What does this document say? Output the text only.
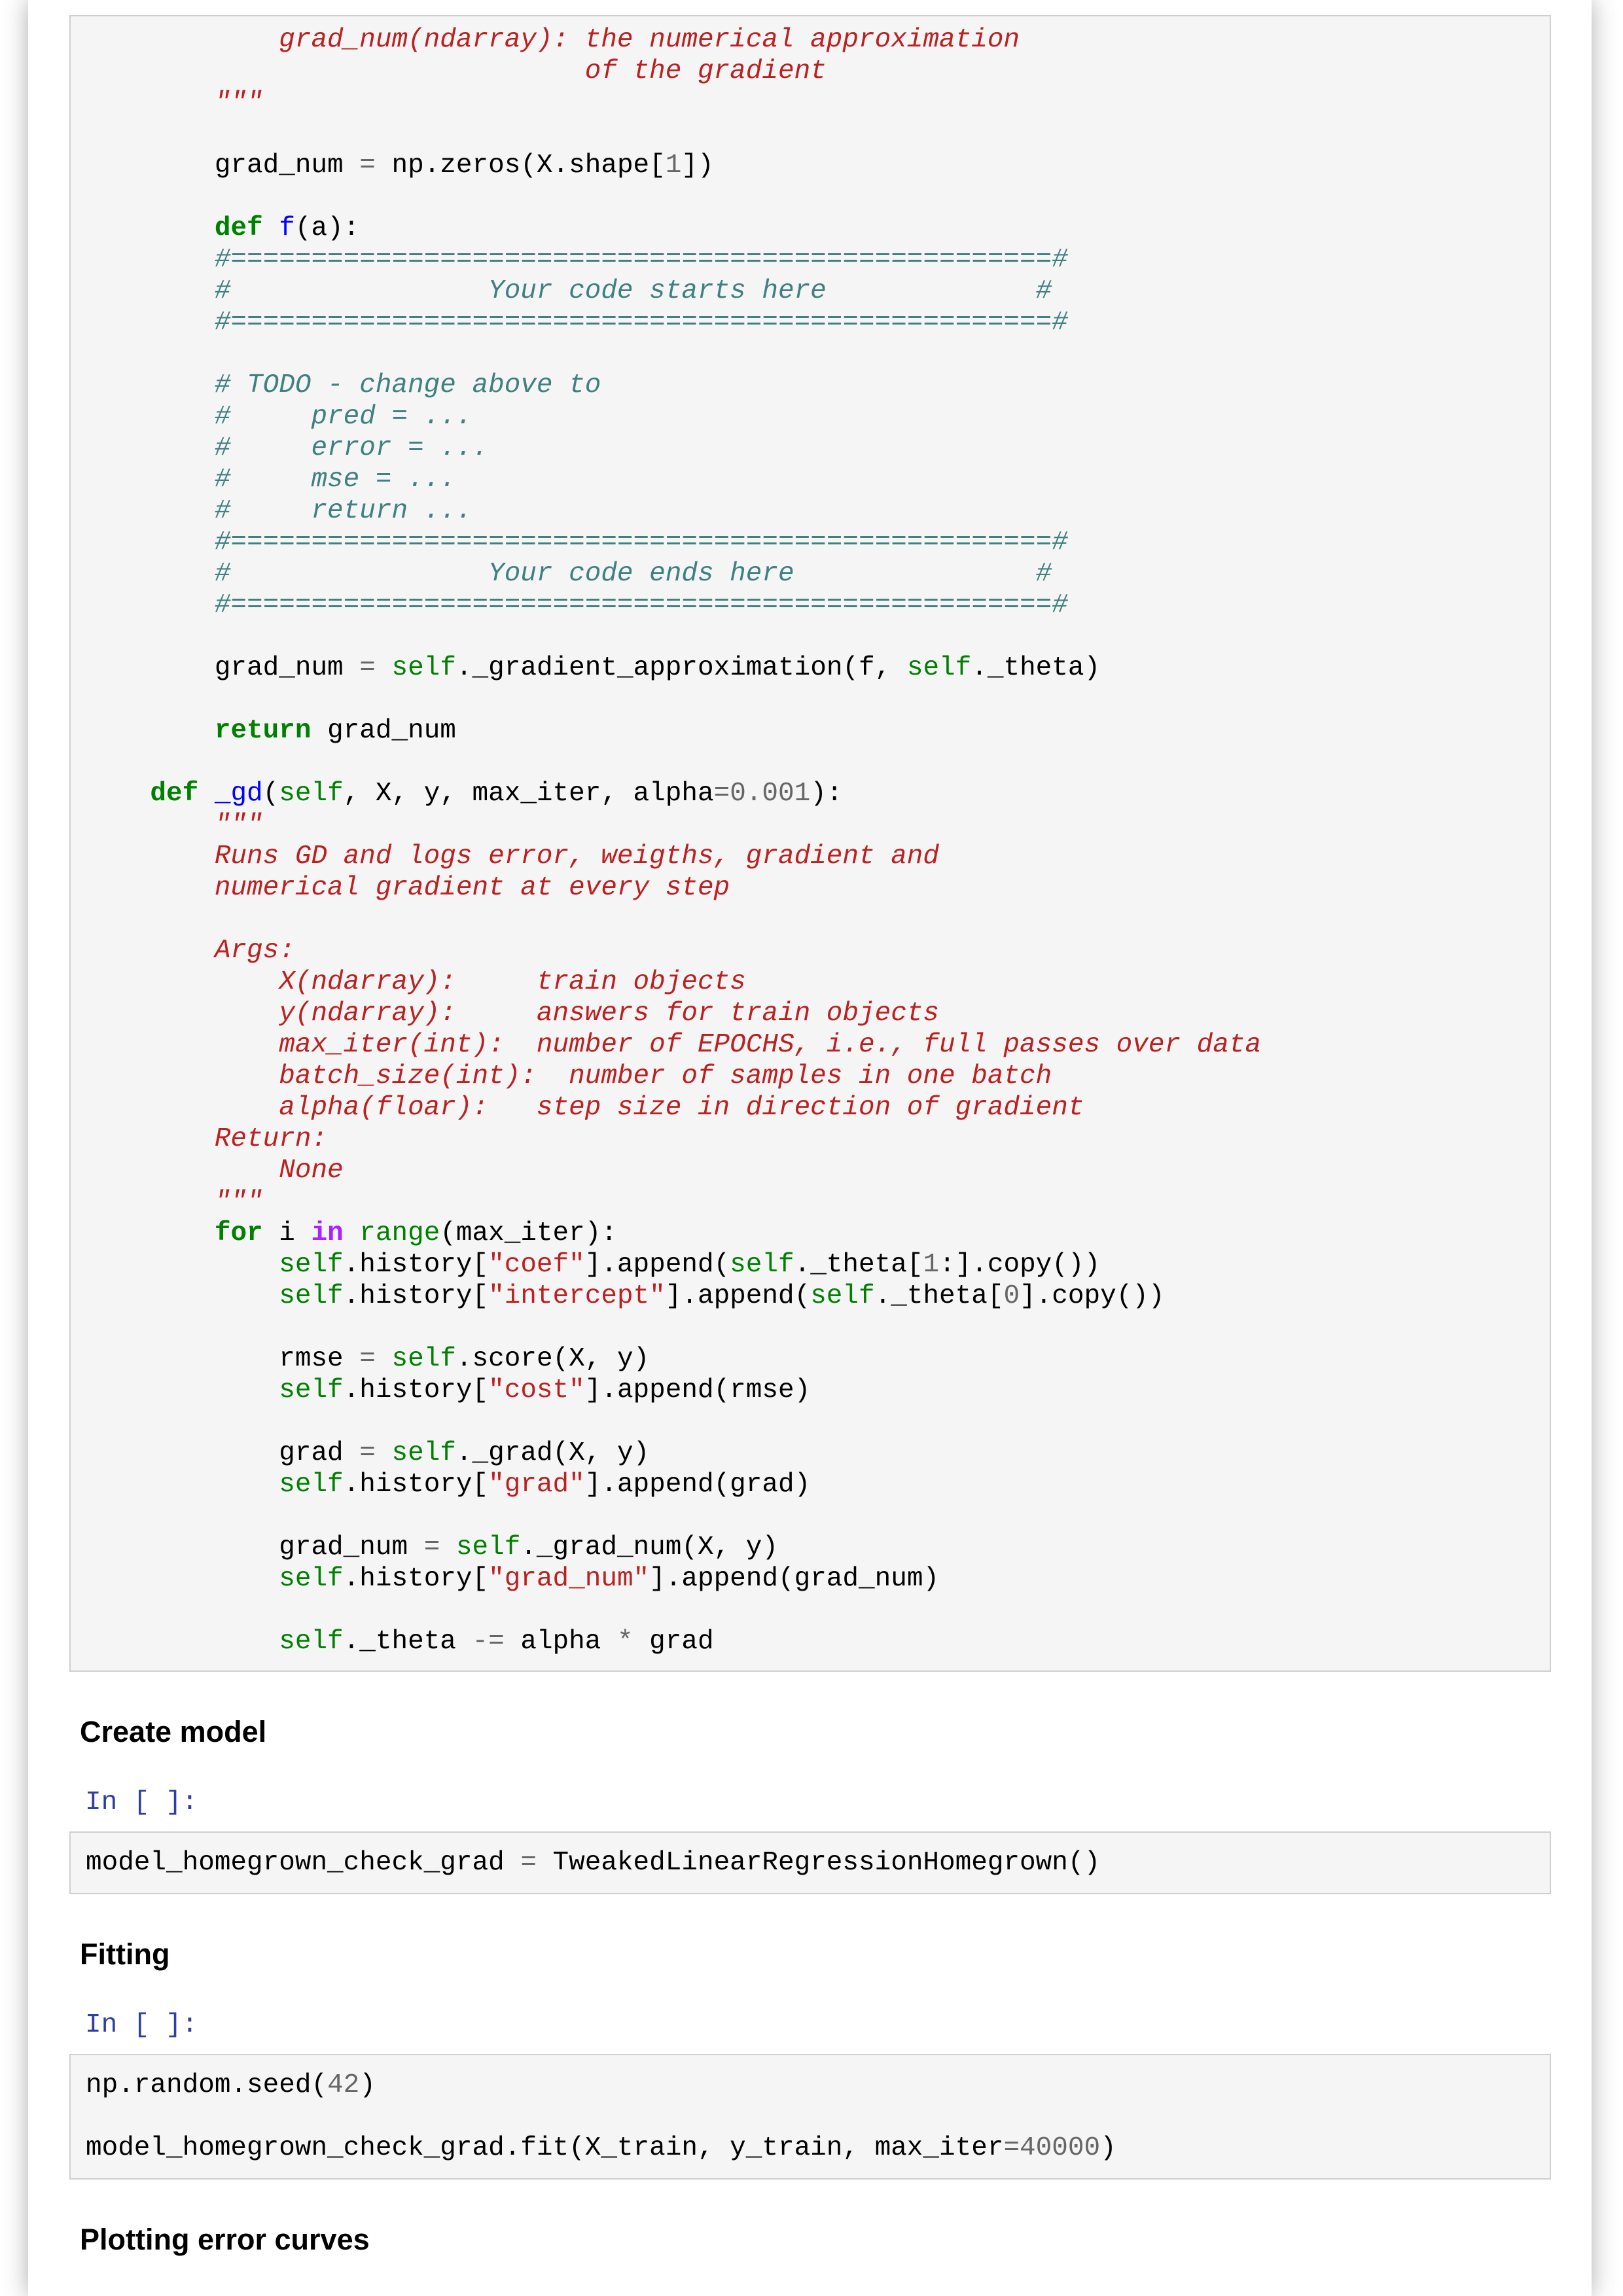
grad_num(ndarray): the numerical approximation
of the gradient
"""

grad_num = np.zeros(X.shape[1])

def f(a):
#===================================================#
#                Your code starts here             #
#===================================================#

# TODO - change above to
#     pred = ...
#     error = ...
#     mse = ...
#     return ...
#===================================================#
#                Your code ends here               #
#===================================================#

grad_num = self._gradient_approximation(f, self._theta)

return grad_num

def _gd(self, X, y, max_iter, alpha=0.001):
"""
Runs GD and logs error, weigths, gradient and
numerical gradient at every step

Args:
X(ndarray):     train objects
y(ndarray):     answers for train objects
max_iter(int):  number of EPOCHS, i.e., full passes over data
batch_size(int):  number of samples in one batch
alpha(floar):   step size in direction of gradient
Return:
None
"""
for i in range(max_iter):
self.history["coef"].append(self._theta[1:].copy())
self.history["intercept"].append(self._theta[0].copy())

rmse = self.score(X, y)
self.history["cost"].append(rmse)

grad = self._grad(X, y)
self.history["grad"].append(grad)

grad_num = self._grad_num(X, y)
self.history["grad_num"].append(grad_num)

self._theta -= alpha * grad
Create model
In [ ]:
model_homegrown_check_grad = TweakedLinearRegressionHomegrown()
Fitting
In [ ]:
np.random.seed(42)

model_homegrown_check_grad.fit(X_train, y_train, max_iter=40000)
Plotting error curves
